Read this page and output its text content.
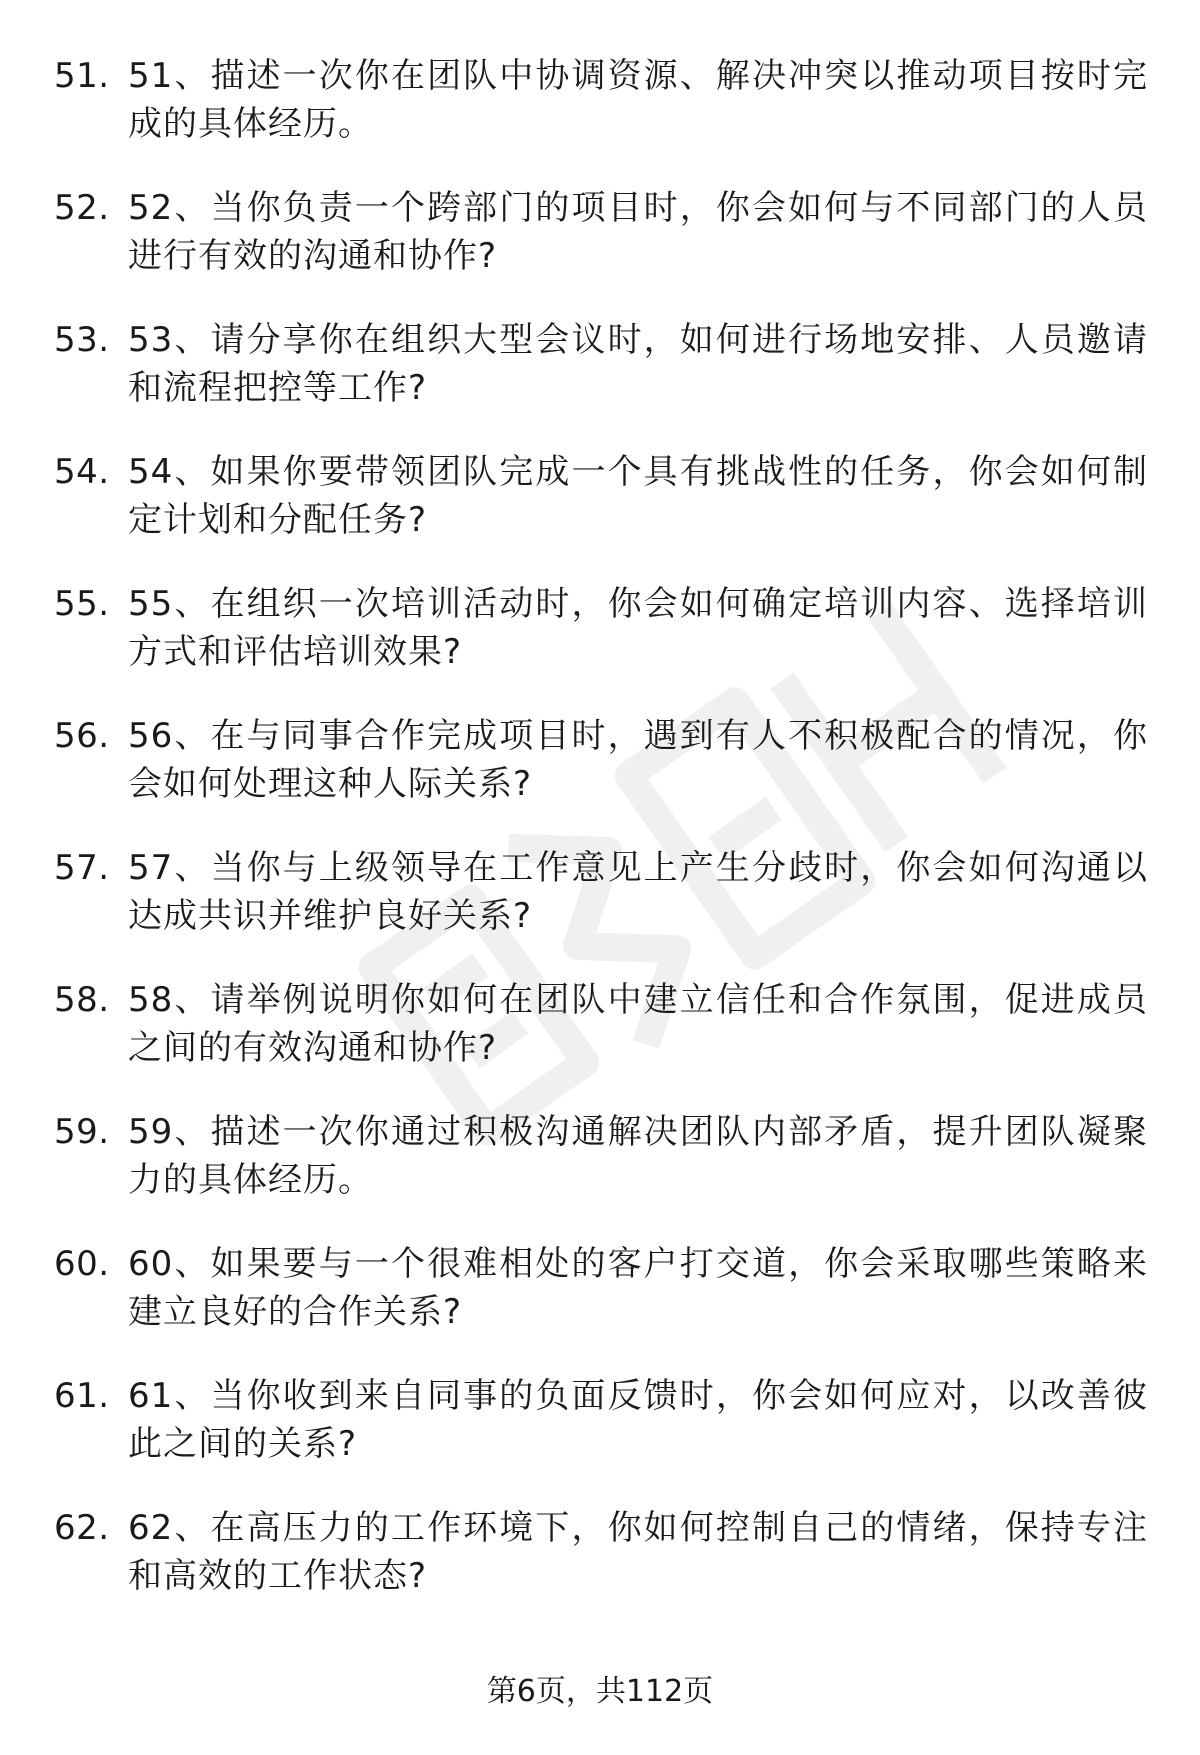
51. 51、描述一次你在团队中协调资源、解决冲突以推动项目按时完成的具体经历。
52. 52、当你负责一个跨部门的项目时，你会如何与不同部门的人员进行有效的沟通和协作?
53. 53、请分享你在组织大型会议时，如何进行场地安排、人员邀请和流程把控等工作?
54. 54、如果你要带领团队完成一个具有挑战性的任务，你会如何制定计划和分配任务?
55. 55、在组织一次培训活动时，你会如何确定培训内容、选择培训方式和评估培训效果?
56. 56、在与同事合作完成项目时，遇到有人不积极配合的情况，你会如何处理这种人际关系?
57. 57、当你与上级领导在工作意见上产生分歧时，你会如何沟通以达成共识并维护良好关系?
58. 58、请举例说明你如何在团队中建立信任和合作氛围，促进成员之间的有效沟通和协作?
59. 59、描述一次你通过积极沟通解决团队内部矛盾，提升团队凝聚力的具体经历。
60. 60、如果要与一个很难相处的客户打交道，你会采取哪些策略来建立良好的合作关系?
61. 61、当你收到来自同事的负面反馈时，你会如何应对，以改善彼此之间的关系?
62. 62、在高压力的工作环境下，你如何控制自己的情绪，保持专注和高效的工作状态?
第6页，共112页
